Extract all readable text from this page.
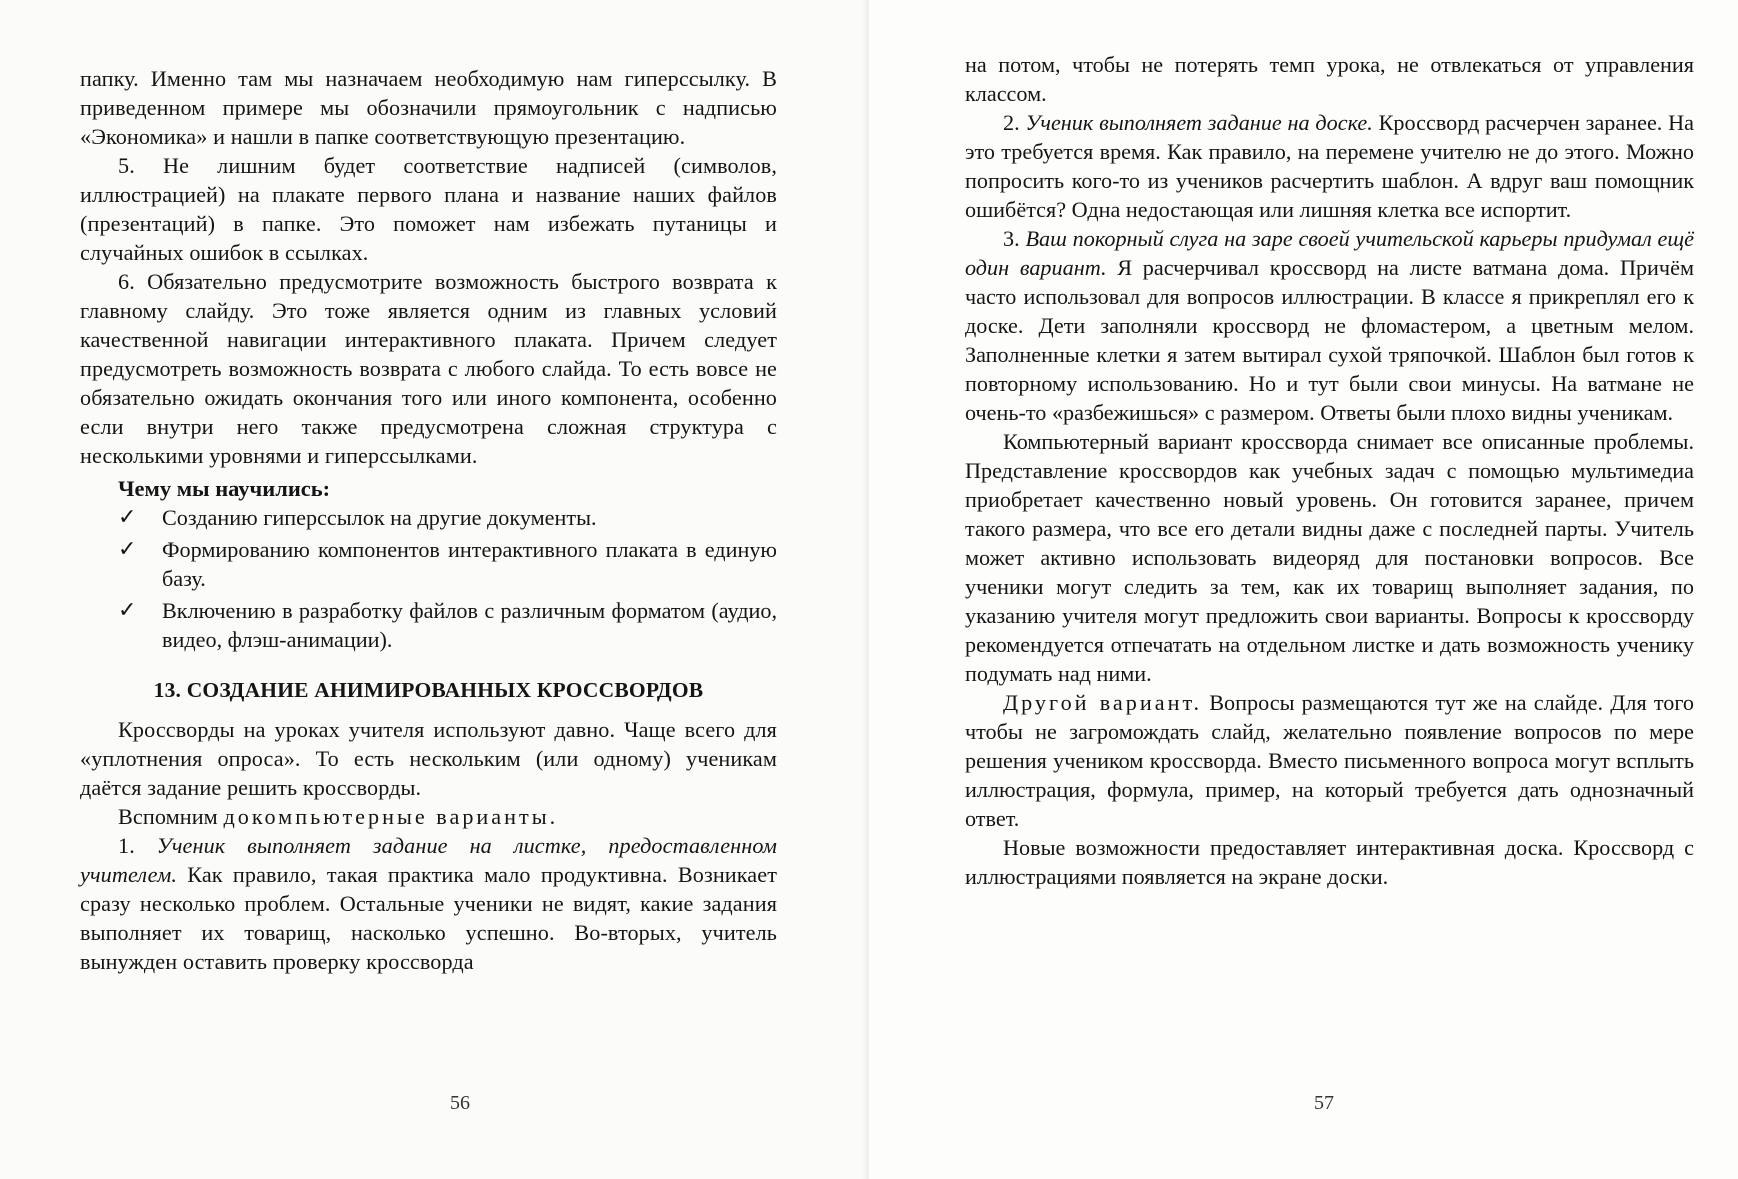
папку. Именно там мы назначаем необходимую нам гиперссылку. В приведенном примере мы обозначили прямоугольник с надписью «Экономика» и нашли в папке соответствующую презентацию.

5. Не лишним будет соответствие надписей (символов, иллюстрацией) на плакате первого плана и название наших файлов (презентаций) в папке. Это поможет нам избежать путаницы и случайных ошибок в ссылках.

6. Обязательно предусмотрите возможность быстрого возврата к главному слайду. Это тоже является одним из главных условий качественной навигации интерактивного плаката. Причем следует предусмотреть возможность возврата с любого слайда. То есть вовсе не обязательно ожидать окончания того или иного компонента, особенно если внутри него также предусмотрена сложная структура с несколькими уровнями и гиперссылками.

Чему мы научились:
✓ Созданию гиперссылок на другие документы.
✓ Формированию компонентов интерактивного плаката в единую базу.
✓ Включению в разработку файлов с различным форматом (аудио, видео, флэш-анимации).
13. СОЗДАНИЕ АНИМИРОВАННЫХ КРОССВОРДОВ

Кроссворды на уроках учителя используют давно. Чаще всего для «уплотнения опроса». То есть нескольким (или одному) ученикам даётся задание решить кроссворды.

Вспомним докомпьютерные варианты.

1. Ученик выполняет задание на листке, предоставленном учителем. Как правило, такая практика мало продуктивна. Возникает сразу несколько проблем. Остальные ученики не видят, какие задания выполняет их товарищ, насколько успешно. Во-вторых, учитель вынужден оставить проверку кроссворда

56

на потом, чтобы не потерять темп урока, не отвлекаться от управления классом.

2. Ученик выполняет задание на доске. Кроссворд расчерчен заранее. На это требуется время. Как правило, на перемене учителю не до этого. Можно попросить кого-то из учеников расчертить шаблон. А вдруг ваш помощник ошибётся? Одна недостающая или лишняя клетка все испортит.

3. Ваш покорный слуга на заре своей учительской карьеры придумал ещё один вариант. Я расчерчивал кроссворд на листе ватмана дома. Причём часто использовал для вопросов иллюстрации. В классе я прикреплял его к доске. Дети заполняли кроссворд не фломастером, а цветным мелом. Заполненные клетки я затем вытирал сухой тряпочкой. Шаблон был готов к повторному использованию. Но и тут были свои минусы. На ватмане не очень-то «разбежишься» с размером. Ответы были плохо видны ученикам.

Компьютерный вариант кроссворда снимает все описанные проблемы. Представление кроссвордов как учебных задач с помощью мультимедиа приобретает качественно новый уровень. Он готовится заранее, причем такого размера, что все его детали видны даже с последней парты. Учитель может активно использовать видеоряд для постановки вопросов. Все ученики могут следить за тем, как их товарищ выполняет задания, по указанию учителя могут предложить свои варианты. Вопросы к кроссворду рекомендуется отпечатать на отдельном листке и дать возможность ученику подумать над ними.

Другой вариант. Вопросы размещаются тут же на слайде. Для того чтобы не загромождать слайд, желательно появление вопросов по мере решения учеником кроссворда. Вместо письменного вопроса могут всплыть иллюстрация, формула, пример, на который требуется дать однозначный ответ.

Новые возможности предоставляет интерактивная доска. Кроссворд с иллюстрациями появляется на экране доски.

57
